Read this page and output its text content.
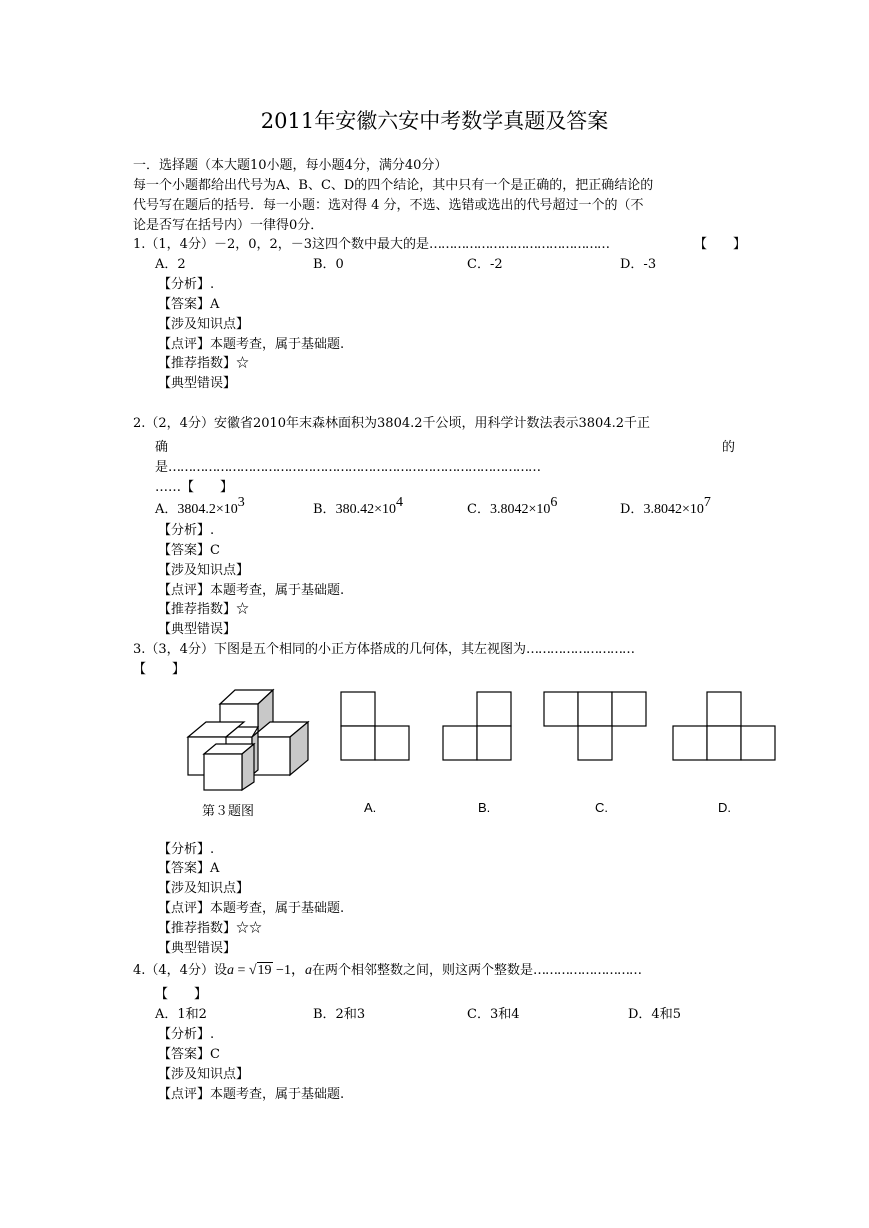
2011年安徽六安中考数学真题及答案
一．选择题（本大题10小题，每小题4分，满分40分）
每一个小题都给出代号为A、B、C、D的四个结论，其中只有一个是正确的，把正确结论的
代号写在题后的括号．每一小题：选对得 4 分，不选、选错或选出的代号超过一个的（不
论是否写在括号内）一律得0分．
1.（1，4分）－2，0，2，－3这四个数中最大的是………………………………………	【　　】
A．2	B．0	C．-2	D．-3
【分析】.
【答案】A
【涉及知识点】
【点评】本题考查，属于基础题.
【推荐指数】☆
【典型错误】
2.（2，4分）安徽省2010年末森林面积为3804.2千公顷，用科学计数法表示3804.2千正
确	的
是…………………………………………………………………………………
……【　　】
A．$3804.2\times 10^3$	B．$380.42\times 10^4$	C．$3.8042\times 10^6$	D．$3.8042\times 10^7$
【分析】.
【答案】C
【涉及知识点】
【点评】本题考查，属于基础题.
【推荐指数】☆
【典型错误】
3.（3，4分）下图是五个相同的小正方体搭成的几何体，其左视图为………………………
【　　】
第３题图	A.	B.	C.	D.
【分析】.
【答案】A
【涉及知识点】
【点评】本题考查，属于基础题.
【推荐指数】☆☆
【典型错误】
4.（4，4分）设a = √19 −1，a在两个相邻整数之间，则这两个整数是………………………
【　　】
A．1和2	B．2和3	C．3和4	D．4和5
【分析】.
【答案】C
【涉及知识点】
【点评】本题考查，属于基础题.
